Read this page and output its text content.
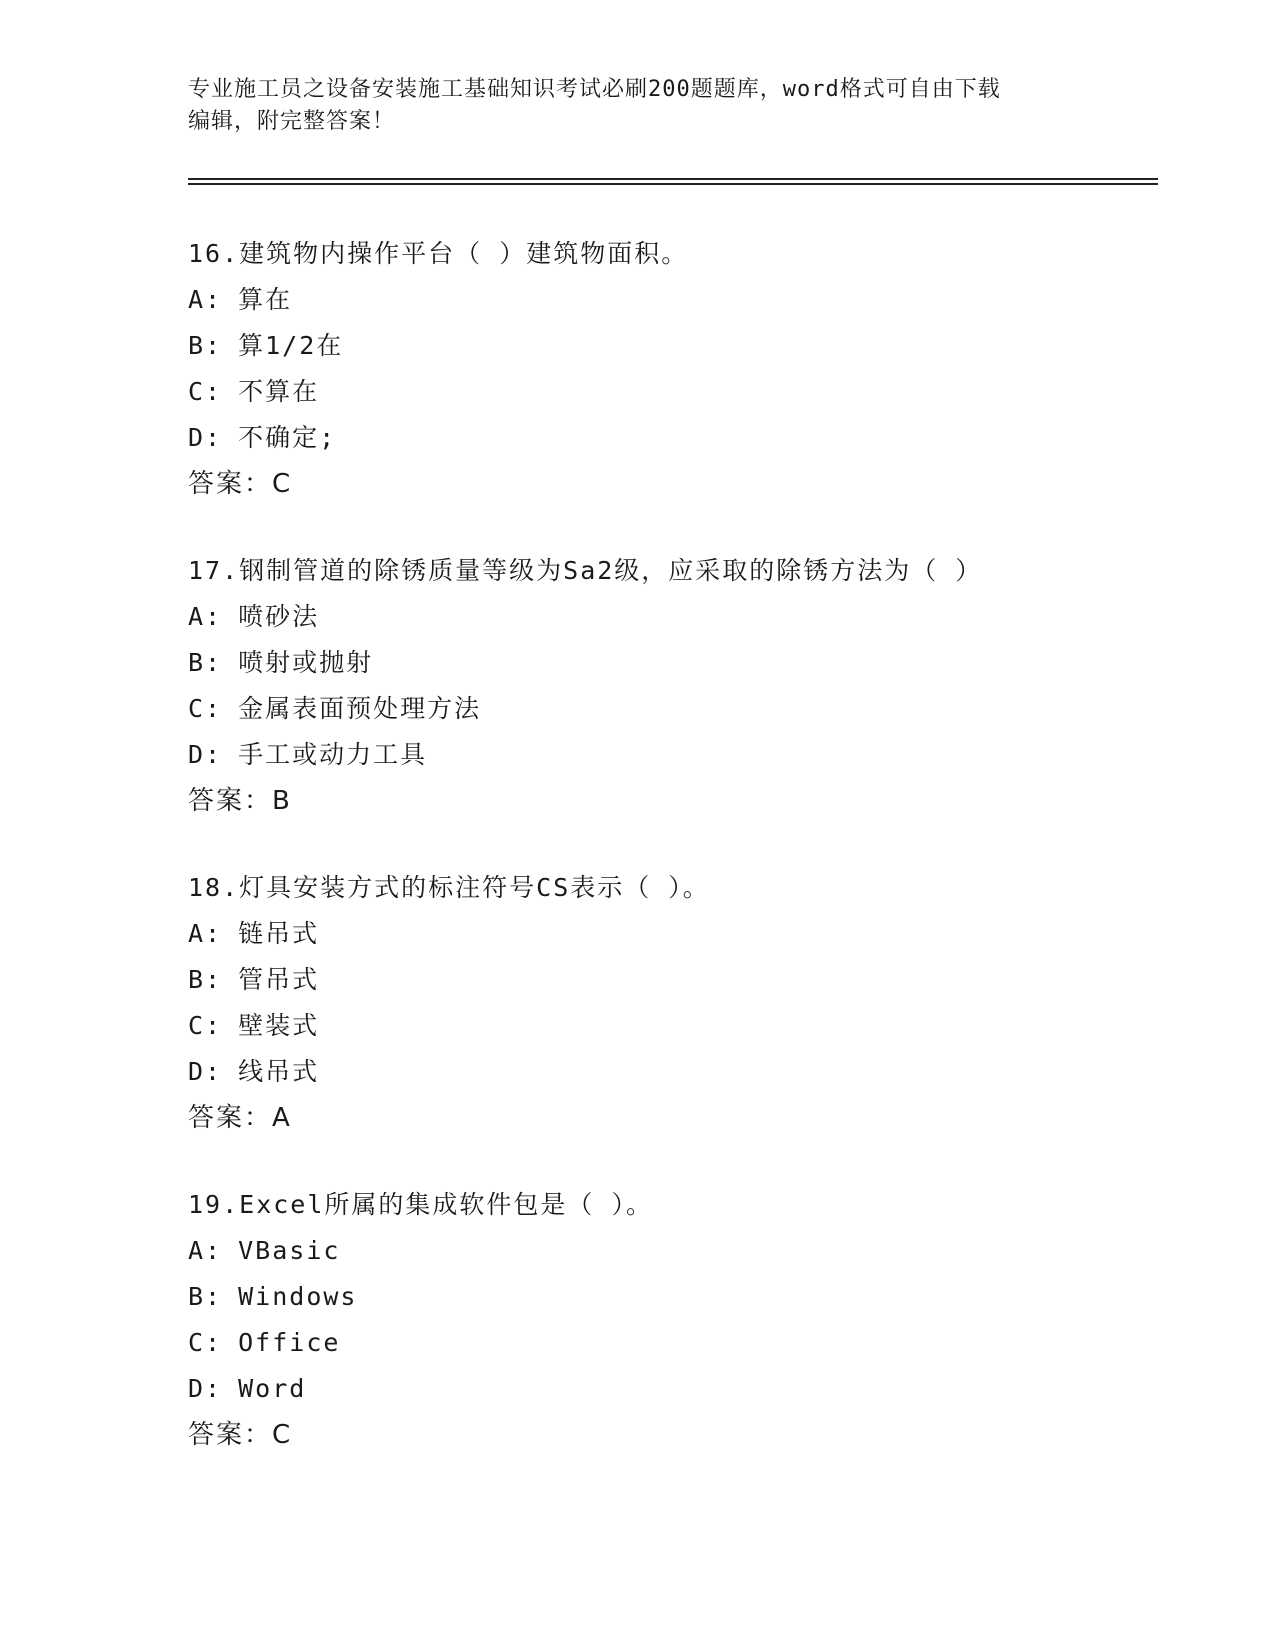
专业施工员之设备安装施工基础知识考试必刷200题题库，word格式可自由下载
编辑，附完整答案！
16.建筑物内操作平台（ ）建筑物面积。
A: 算在
B: 算1/2在
C: 不算在
D: 不确定;
答案：C
17.钢制管道的除锈质量等级为Sa2级，应采取的除锈方法为（ ）
A: 喷砂法
B: 喷射或抛射
C: 金属表面预处理方法
D: 手工或动力工具
答案：B
18.灯具安装方式的标注符号CS表示（ ）。
A: 链吊式
B: 管吊式
C: 壁装式
D: 线吊式
答案：A
19.Excel所属的集成软件包是（ ）。
A: VBasic
B: Windows
C: Office
D: Word
答案：C
